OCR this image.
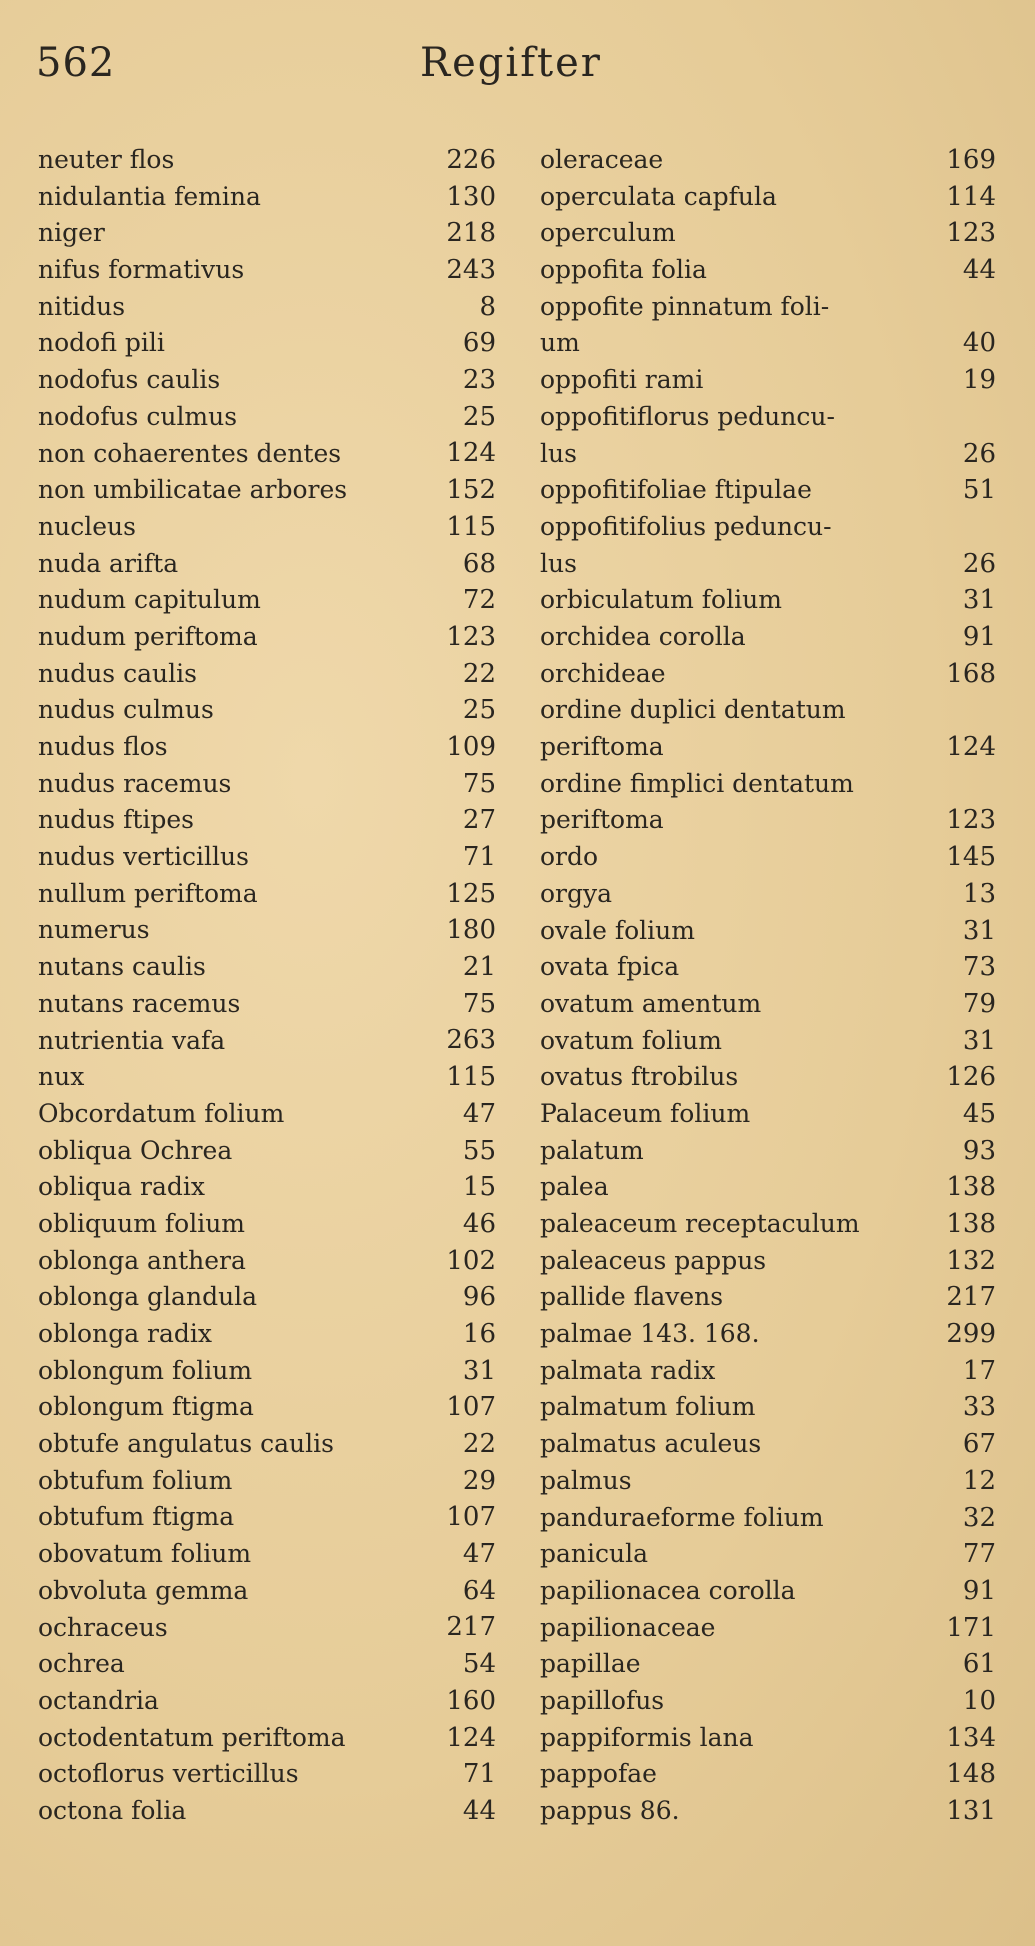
562	Regifter
neuter flos	226
nidulantia femina	130
niger	218
nifus formativus	243
nitidus	8
nodofi pili	69
nodofus caulis	23
nodofus culmus	25
non cohaerentes dentes	124
non umbilicatae arbores	152
nucleus	115
nuda arifta	68
nudum capitulum	72
nudum periftoma	123
nudus caulis	22
nudus culmus	25
nudus flos	109
nudus racemus	75
nudus ftipes	27
nudus verticillus	71
nullum periftoma	125
numerus	180
nutans caulis	21
nutans racemus	75
nutrientia vafa	263
nux	115
Obcordatum folium	47
obliqua Ochrea	55
obliqua radix	15
obliquum folium	46
oblonga anthera	102
oblonga glandula	96
oblonga radix	16
oblongum folium	31
oblongum ftigma	107
obtufe angulatus caulis	22
obtufum folium	29
obtufum ftigma	107
obovatum folium	47
obvoluta gemma	64
ochraceus	217
ochrea	54
octandria	160
octodentatum periftoma	124
octoflorus verticillus	71
octona folia	44
oleraceae	169
operculata capfula	114
operculum	123
oppofita folia	44
oppofite pinnatum foli-
um	40
oppofiti rami	19
oppofitiflorus peduncu-
lus	26
oppofitifoliae ftipulae	51
oppofitifolius peduncu-
lus	26
orbiculatum folium	31
orchidea corolla	91
orchideae	168
ordine duplici dentatum
periftoma	124
ordine fimplici dentatum
periftoma	123
ordo	145
orgya	13
ovale folium	31
ovata fpica	73
ovatum amentum	79
ovatum folium	31
ovatus ftrobilus	126
Palaceum folium	45
palatum	93
palea	138
paleaceum receptaculum	138
paleaceus pappus	132
pallide flavens	217
palmae 143. 168.	299
palmata radix	17
palmatum folium	33
palmatus aculeus	67
palmus	12
panduraeforme folium	32
panicula	77
papilionacea corolla	91
papilionaceae	171
papillae	61
papillofus	10
pappiformis lana	134
pappofae	148
pappus 86.	131
